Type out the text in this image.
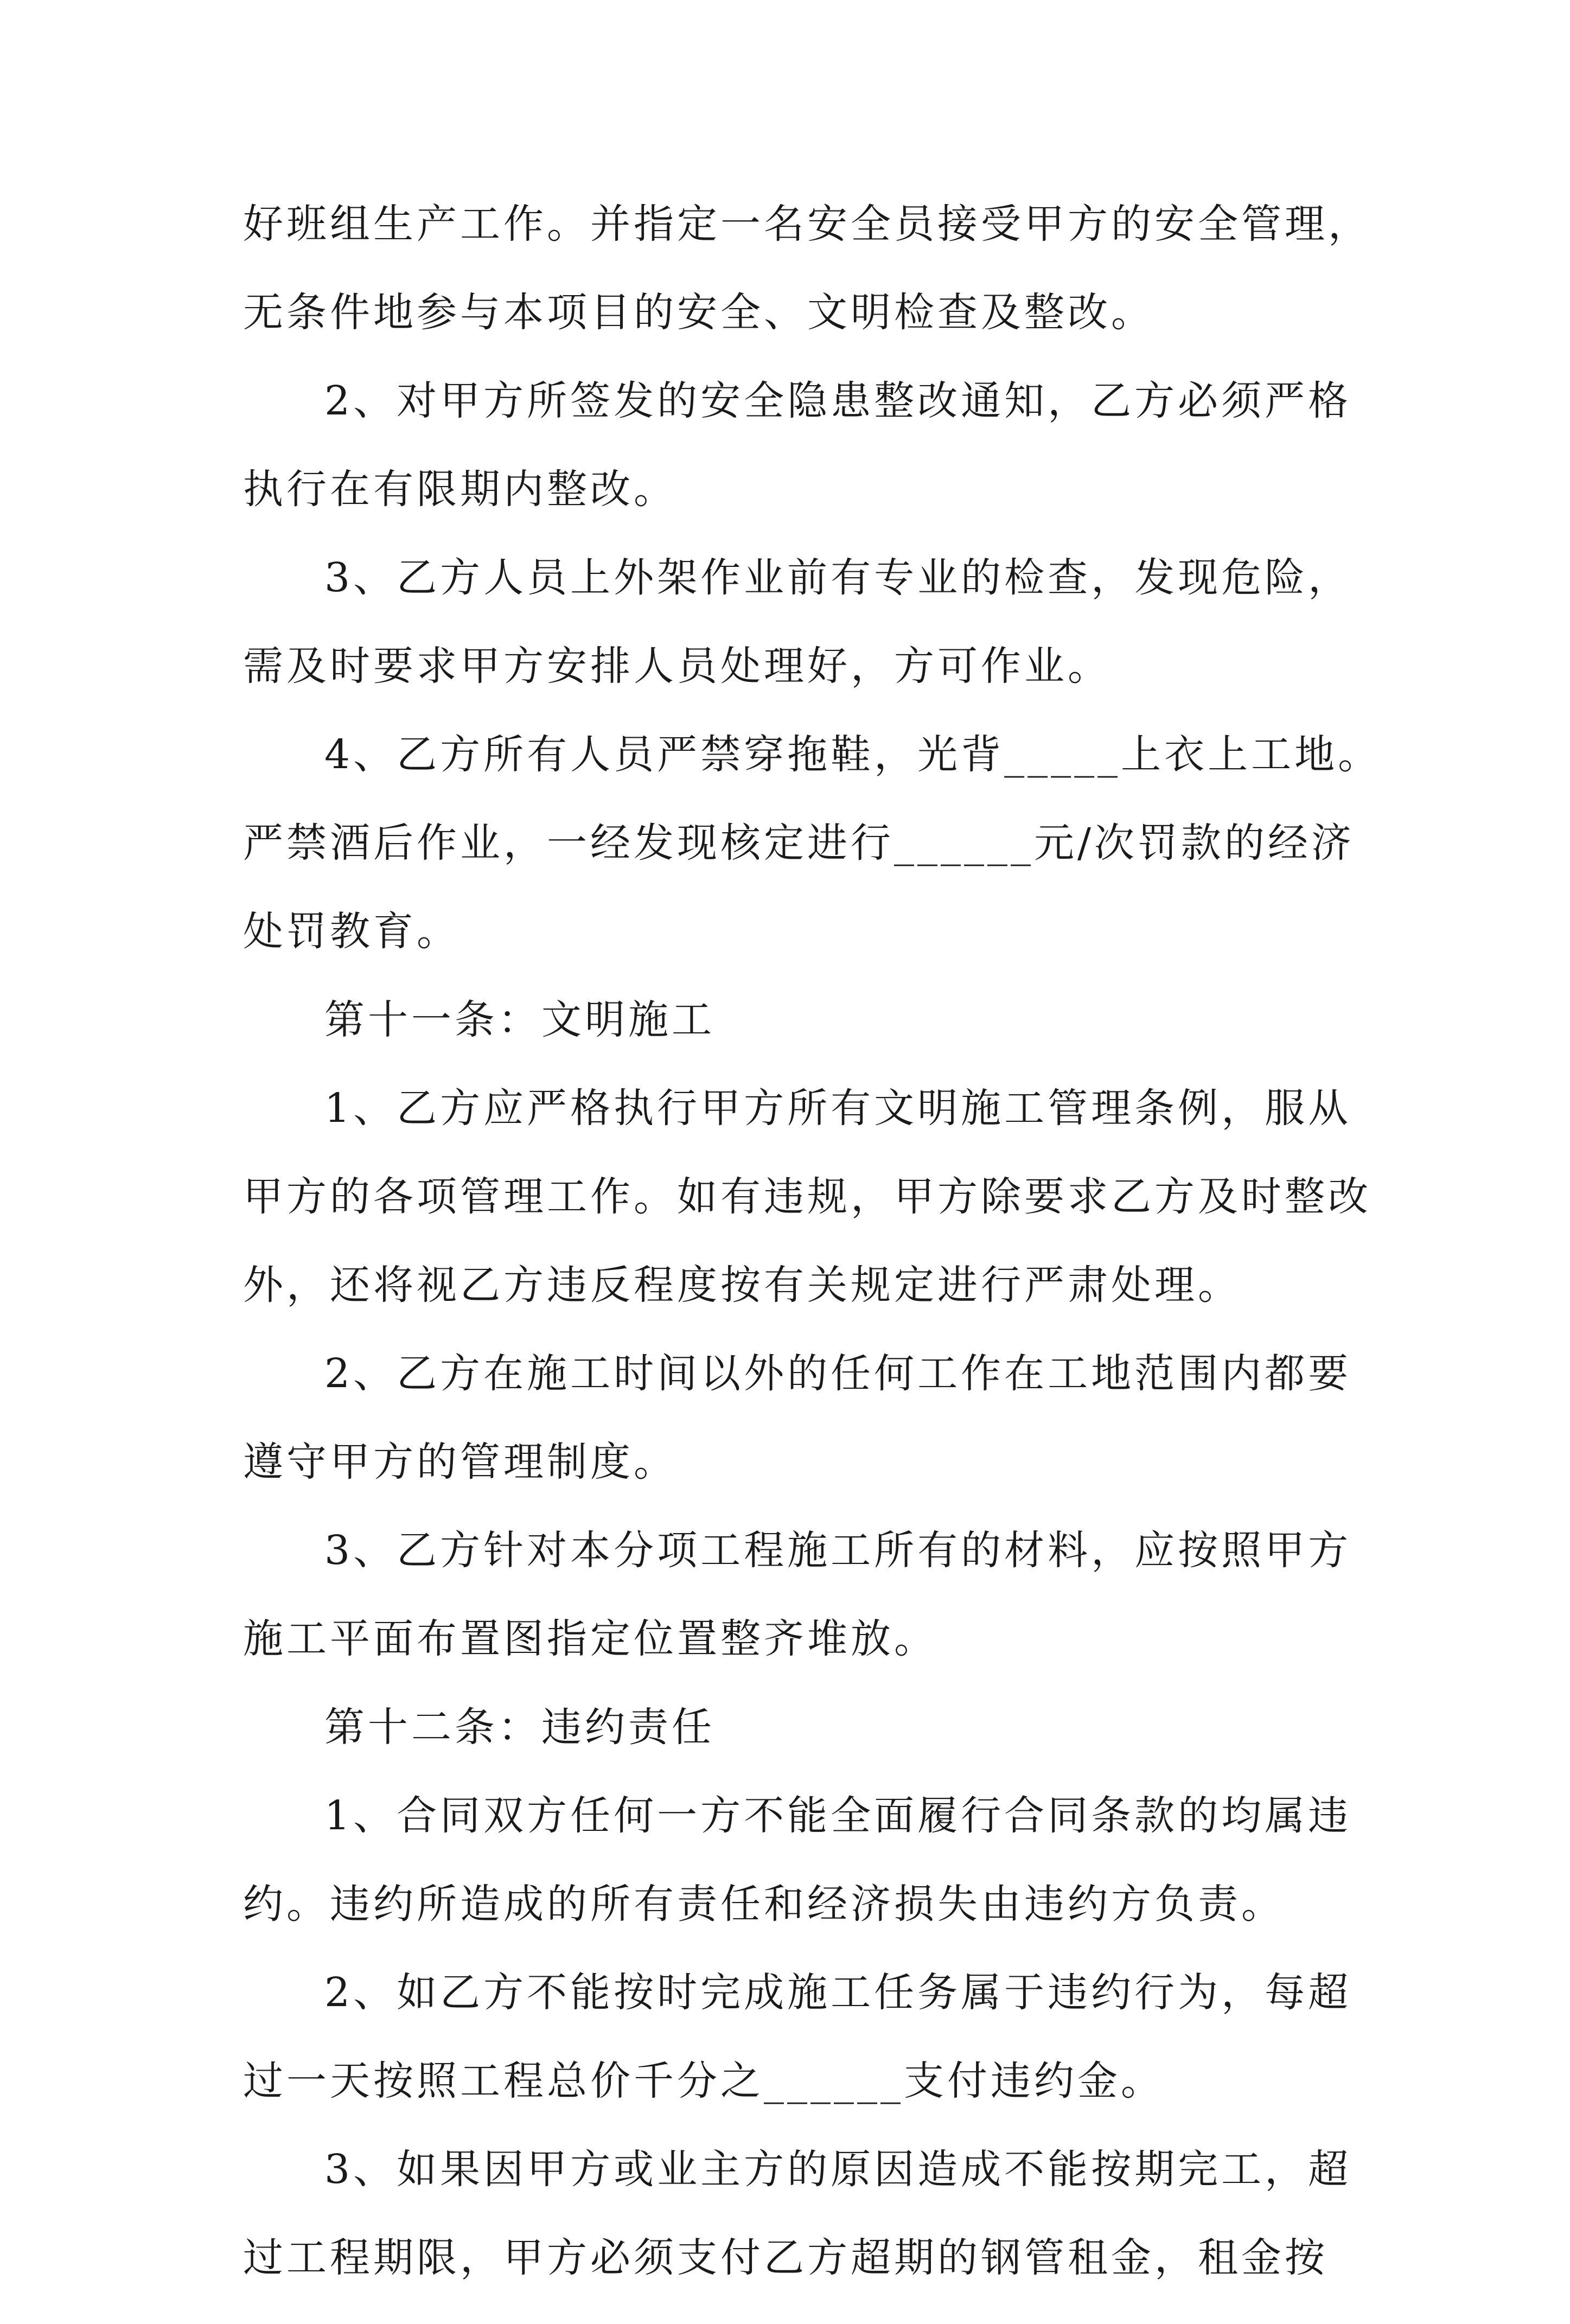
好班组生产工作。并指定一名安全员接受甲方的安全管理，
无条件地参与本项目的安全、文明检查及整改。
2、对甲方所签发的安全隐患整改通知，乙方必须严格
执行在有限期内整改。
3、乙方人员上外架作业前有专业的检查，发现危险，
需及时要求甲方安排人员处理好，方可作业。
4、乙方所有人员严禁穿拖鞋，光背_____上衣上工地。
严禁酒后作业，一经发现核定进行______元/次罚款的经济
处罚教育。
第十一条：文明施工
1、乙方应严格执行甲方所有文明施工管理条例，服从
甲方的各项管理工作。如有违规，甲方除要求乙方及时整改
外，还将视乙方违反程度按有关规定进行严肃处理。
2、乙方在施工时间以外的任何工作在工地范围内都要
遵守甲方的管理制度。
3、乙方针对本分项工程施工所有的材料，应按照甲方
施工平面布置图指定位置整齐堆放。
第十二条：违约责任
1、合同双方任何一方不能全面履行合同条款的均属违
约。违约所造成的所有责任和经济损失由违约方负责。
2、如乙方不能按时完成施工任务属于违约行为，每超
过一天按照工程总价千分之______支付违约金。
3、如果因甲方或业主方的原因造成不能按期完工，超
过工程期限，甲方必须支付乙方超期的钢管租金，租金按
